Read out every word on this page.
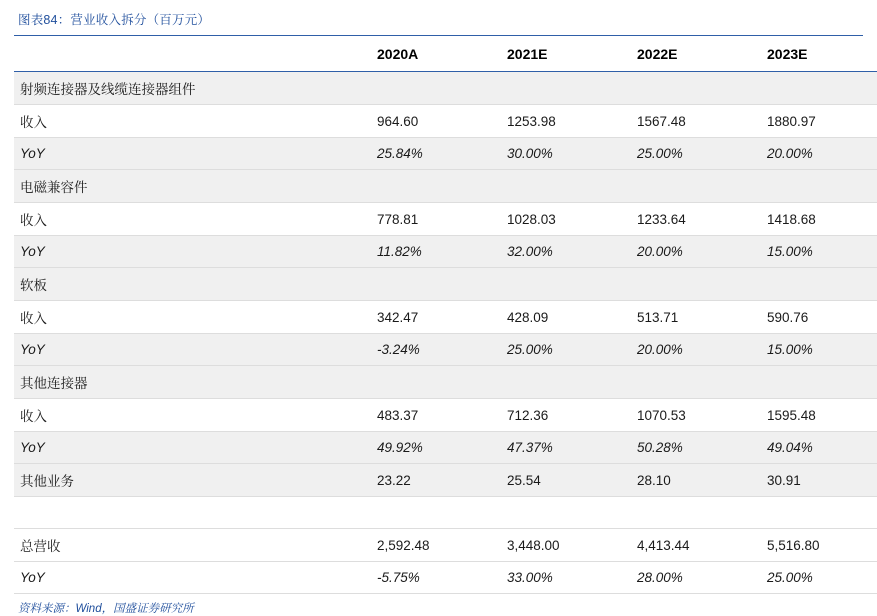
图表84：营业收入拆分（百万元）
	2020A	2021E	2022E	2023E
射频连接器及线缆连接器组件				
收入	964.60	1253.98	1567.48	1880.97
YoY	25.84%	30.00%	25.00%	20.00%
电磁兼容件				
收入	778.81	1028.03	1233.64	1418.68
YoY	11.82%	32.00%	20.00%	15.00%
软板				
收入	342.47	428.09	513.71	590.76
YoY	-3.24%	25.00%	20.00%	15.00%
其他连接器				
收入	483.37	712.36	1070.53	1595.48
YoY	49.92%	47.37%	50.28%	49.04%
其他业务	23.22	25.54	28.10	30.91

总营收	2,592.48	3,448.00	4,413.44	5,516.80
YoY	-5.75%	33.00%	28.00%	25.00%
资料来源：Wind，国盛证券研究所
